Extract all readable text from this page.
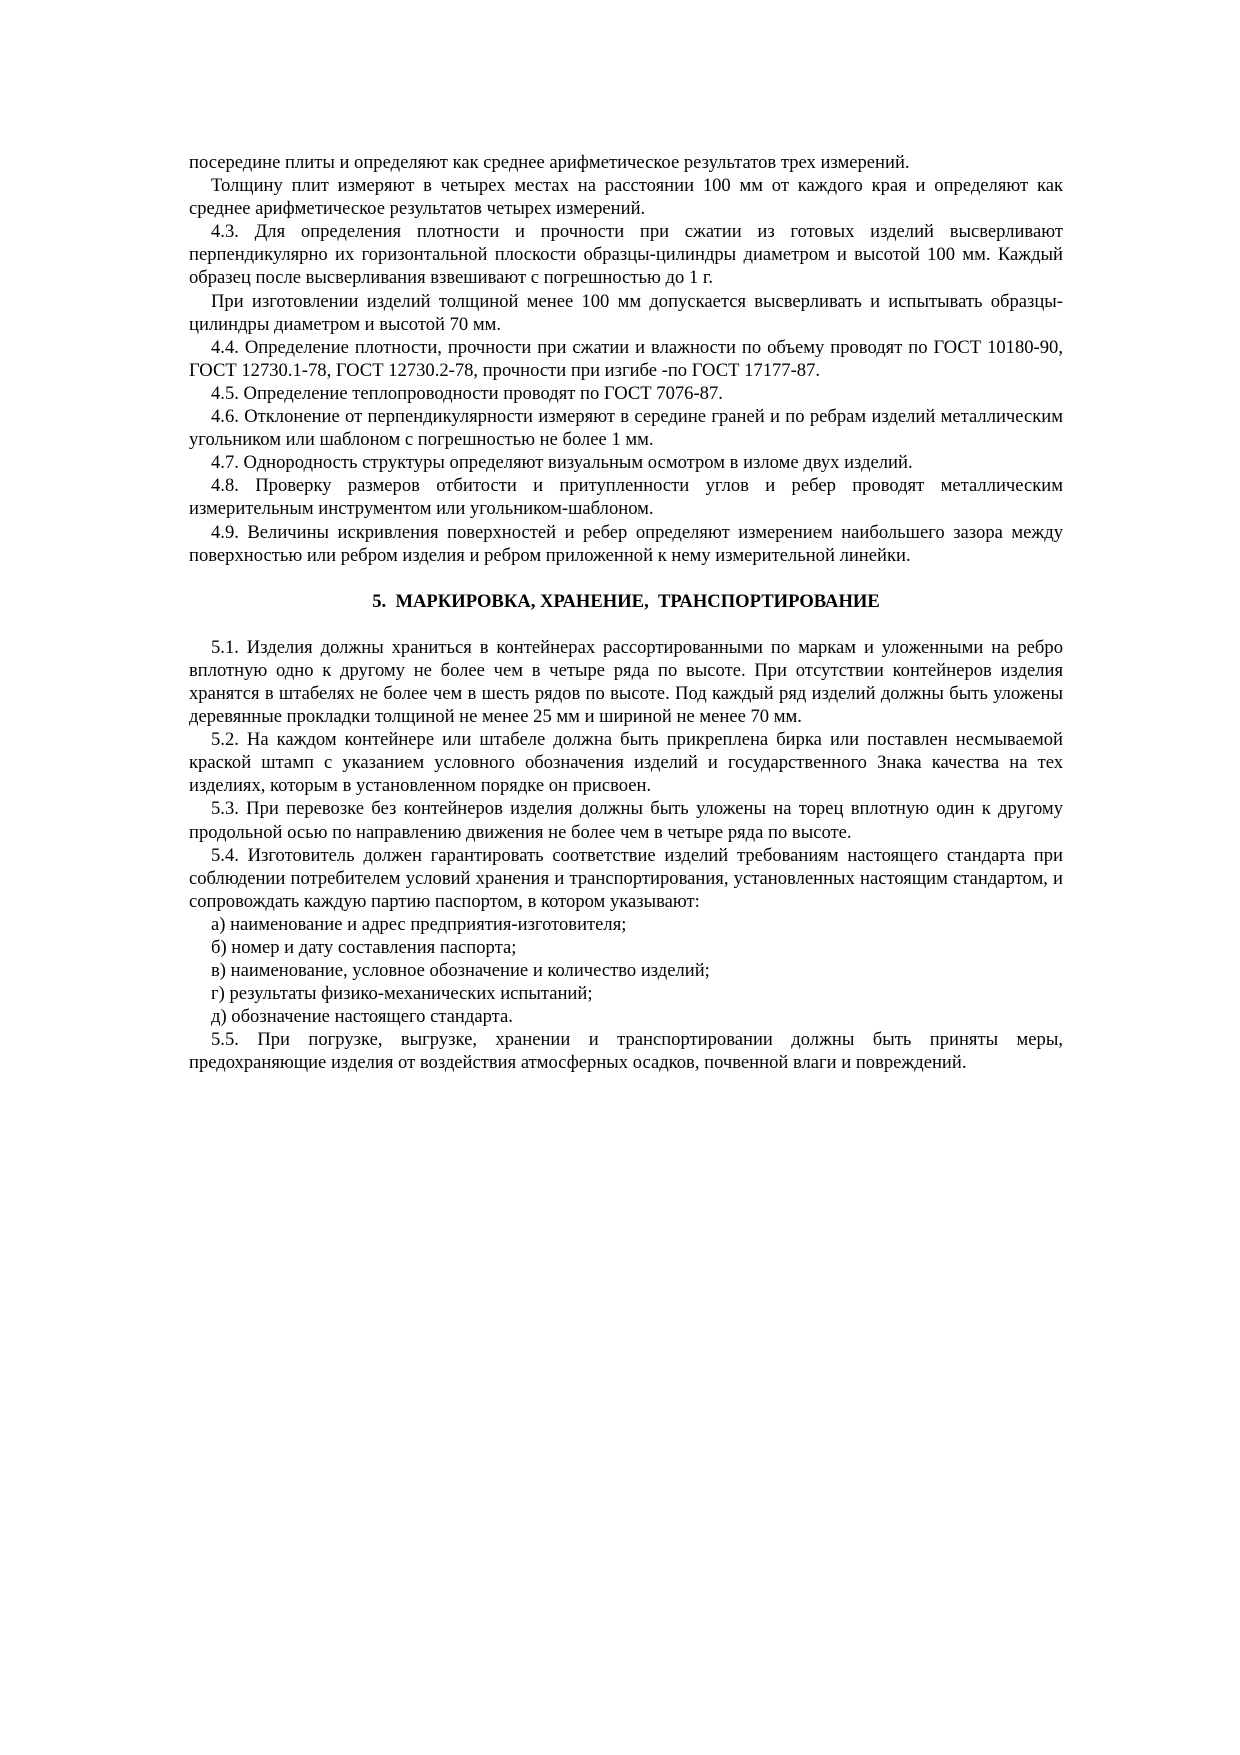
посередине плиты и определяют как среднее арифметическое результатов трех измерений.

Толщину плит измеряют в четырех местах на расстоянии 100 мм от каждого края и определяют как среднее арифметическое результатов четырех измерений.

4.3. Для определения плотности и прочности при сжатии из готовых изделий высверливают перпендикулярно их горизонтальной плоскости образцы-цилиндры диаметром и высотой 100 мм. Каждый образец после высверливания взвешивают с погрешностью до 1 г.

При изготовлении изделий толщиной менее 100 мм допускается высверливать и испытывать образцы-цилиндры диаметром и высотой 70 мм.

4.4. Определение плотности, прочности при сжатии и влажности по объему проводят по ГОСТ 10180-90, ГОСТ 12730.1-78, ГОСТ 12730.2-78, прочности при изгибе -по ГОСТ 17177-87.

4.5. Определение теплопроводности проводят по ГОСТ 7076-87.

4.6. Отклонение от перпендикулярности измеряют в середине граней и по ребрам изделий металлическим угольником или шаблоном с погрешностью не более 1 мм.

4.7. Однородность структуры определяют визуальным осмотром в изломе двух изделий.

4.8. Проверку размеров отбитости и притупленности углов и ребер проводят металлическим измерительным инструментом или угольником-шаблоном.

4.9. Величины искривления поверхностей и ребер определяют измерением наибольшего зазора между поверхностью или ребром изделия и ребром приложенной к нему измерительной линейки.

5.  МАРКИРОВКА, ХРАНЕНИЕ,  ТРАНСПОРТИРОВАНИЕ

5.1. Изделия должны храниться в контейнерах рассортированными по маркам и уложенными на ребро вплотную одно к другому не более чем в четыре ряда по высоте. При отсутствии контейнеров изделия хранятся в штабелях не более чем в шесть рядов по высоте. Под каждый ряд изделий должны быть уложены деревянные прокладки толщиной не менее 25 мм и шириной не менее 70 мм.

5.2. На каждом контейнере или штабеле должна быть прикреплена бирка или поставлен несмываемой краской штамп с указанием условного обозначения изделий и государственного Знака качества на тех изделиях, которым в установленном порядке он присвоен.

5.3. При перевозке без контейнеров изделия должны быть уложены на торец вплотную один к другому продольной осью по направлению движения не более чем в четыре ряда по высоте.

5.4. Изготовитель должен гарантировать соответствие изделий требованиям настоящего стандарта при соблюдении потребителем условий хранения и транспортирования, установленных настоящим стандартом, и сопровождать каждую партию паспортом, в котором указывают:

а) наименование и адрес предприятия-изготовителя;

б) номер и дату составления паспорта;

в) наименование, условное обозначение и количество изделий;

г) результаты физико-механических испытаний;

д) обозначение настоящего стандарта.

5.5. При погрузке, выгрузке, хранении и транспортировании должны быть приняты меры, предохраняющие изделия от воздействия атмосферных осадков, почвенной влаги и повреждений.
